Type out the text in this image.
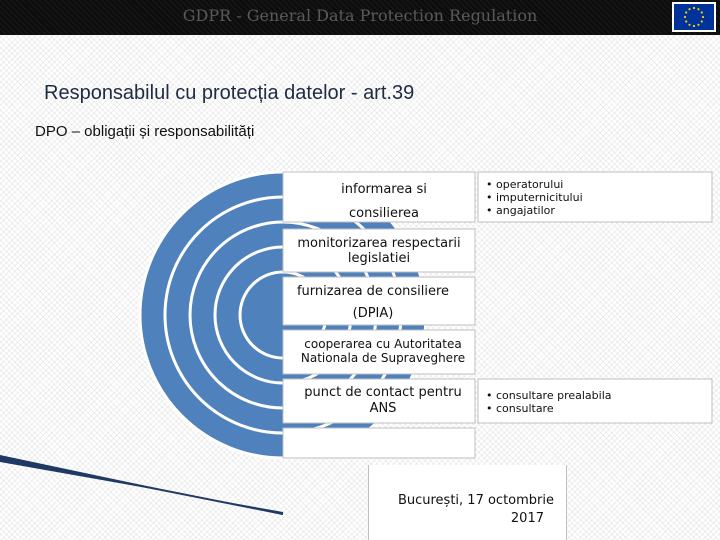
GDPR - General Data Protection Regulation
Responsabilul cu protecția datelor - art.39
DPO – obligații și responsabilități
informarea si
consilierea
monitorizarea respectarii
legislatiei
furnizarea de consiliere
(DPIA)
cooperarea cu Autoritatea
Nationala de Supraveghere
punct de contact pentru
ANS
• operatorului
• imputernicitului
• angajatilor
• consultare prealabila
• consultare
București, 17 octombrie
2017
